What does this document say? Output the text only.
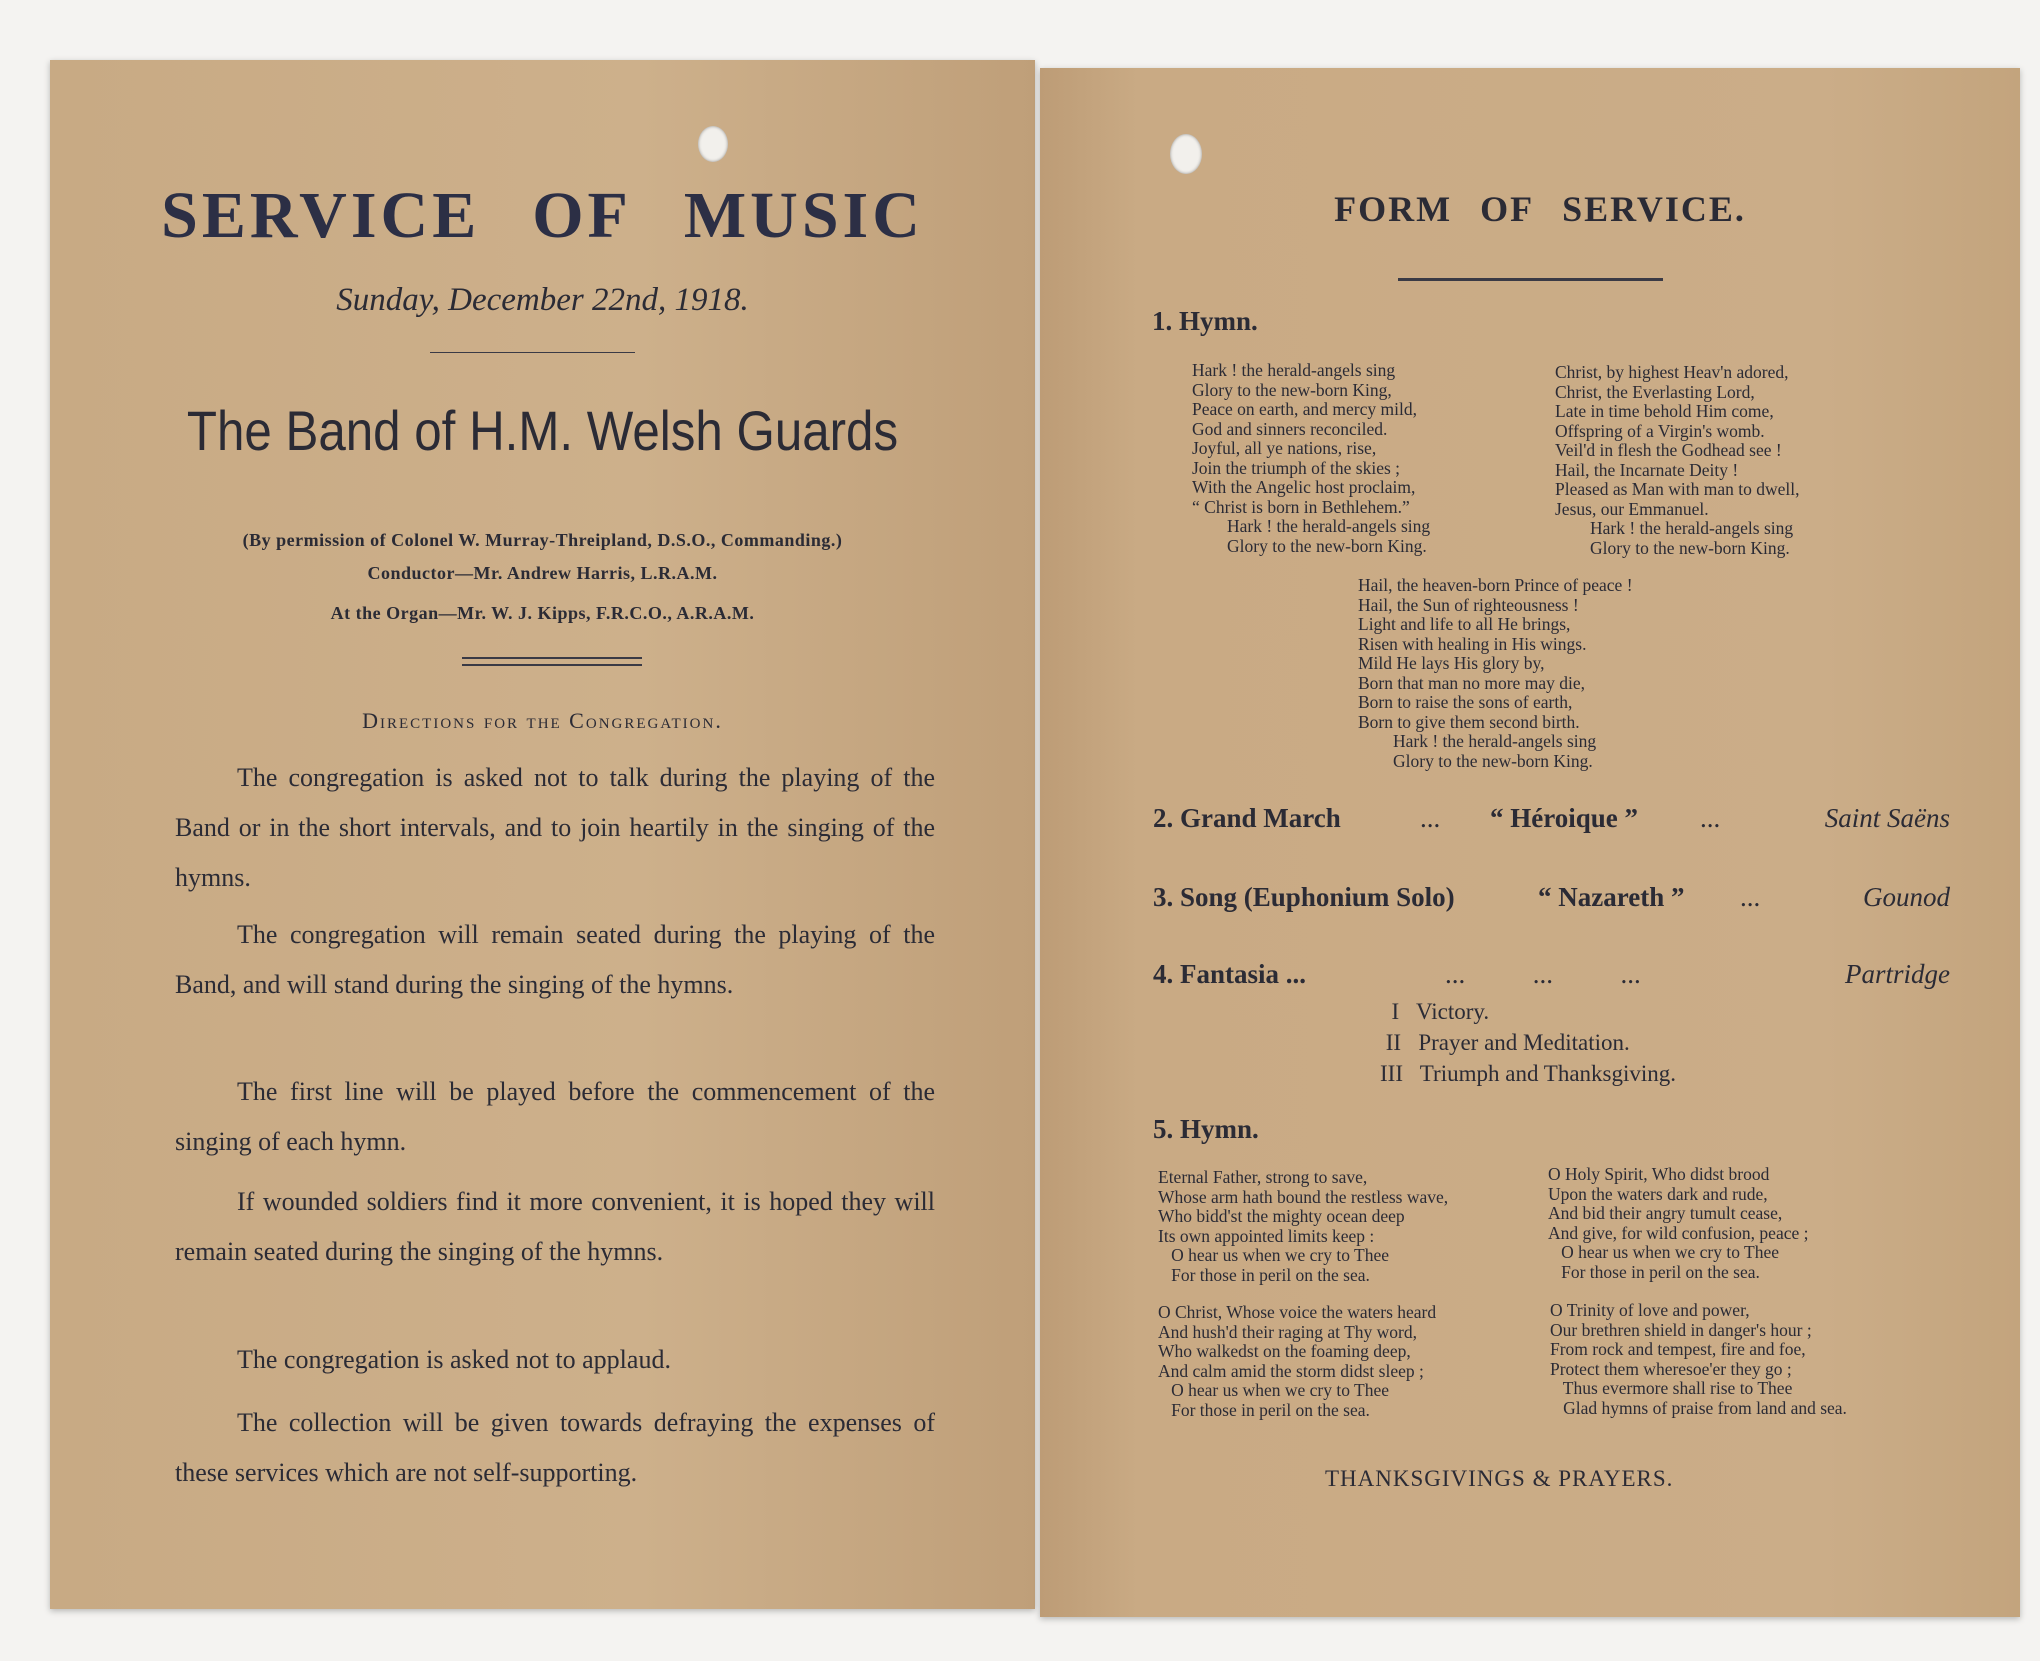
SERVICE OF MUSIC
Sunday, December 22nd, 1918.
The Band of H.M. Welsh Guards
(By permission of Colonel W. Murray-Threipland, D.S.O., Commanding.)
Conductor—Mr. Andrew Harris, L.R.A.M.
At the Organ—Mr. W. J. Kipps, F.R.C.O., A.R.A.M.
Directions for the Congregation.
The congregation is asked not to talk during the playing of the Band or in the short intervals, and to join heartily in the singing of the hymns.
The congregation will remain seated during the playing of the Band, and will stand during the singing of the hymns.
The first line will be played before the commencement of the singing of each hymn.
If wounded soldiers find it more convenient, it is hoped they will remain seated during the singing of the hymns.
The congregation is asked not to applaud.
The collection will be given towards defraying the expenses of these services which are not self-supporting.
FORM OF SERVICE.
1. Hymn.
Hark ! the herald-angels sing
Glory to the new-born King,
Peace on earth, and mercy mild,
God and sinners reconciled.
Joyful, all ye nations, rise,
Join the triumph of the skies ;
With the Angelic host proclaim,
“ Christ is born in Bethlehem.”
Hark ! the herald-angels sing
Glory to the new-born King.
Christ, by highest Heav'n adored,
Christ, the Everlasting Lord,
Late in time behold Him come,
Offspring of a Virgin's womb.
Veil'd in flesh the Godhead see !
Hail, the Incarnate Deity !
Pleased as Man with man to dwell,
Jesus, our Emmanuel.
Hark ! the herald-angels sing
Glory to the new-born King.
Hail, the heaven-born Prince of peace !
Hail, the Sun of righteousness !
Light and life to all He brings,
Risen with healing in His wings.
Mild He lays His glory by,
Born that man no more may die,
Born to raise the sons of earth,
Born to give them second birth.
Hark ! the herald-angels sing
Glory to the new-born King.
2. Grand March	... “ Héroique ” ...	Saint Saëns
3. Song (Euphonium Solo)	“ Nazareth ” ...	Gounod
4. Fantasia ...	...          ...          ...	Partridge
I   Victory.
II   Prayer and Meditation.
III   Triumph and Thanksgiving.
5. Hymn.
Eternal Father, strong to save,
Whose arm hath bound the restless wave,
Who bidd'st the mighty ocean deep
Its own appointed limits keep :
O hear us when we cry to Thee
For those in peril on the sea.
O Holy Spirit, Who didst brood
Upon the waters dark and rude,
And bid their angry tumult cease,
And give, for wild confusion, peace ;
O hear us when we cry to Thee
For those in peril on the sea.
O Christ, Whose voice the waters heard
And hush'd their raging at Thy word,
Who walkedst on the foaming deep,
And calm amid the storm didst sleep ;
O hear us when we cry to Thee
For those in peril on the sea.
O Trinity of love and power,
Our brethren shield in danger's hour ;
From rock and tempest, fire and foe,
Protect them wheresoe'er they go ;
Thus evermore shall rise to Thee
Glad hymns of praise from land and sea.
THANKSGIVINGS & PRAYERS.
